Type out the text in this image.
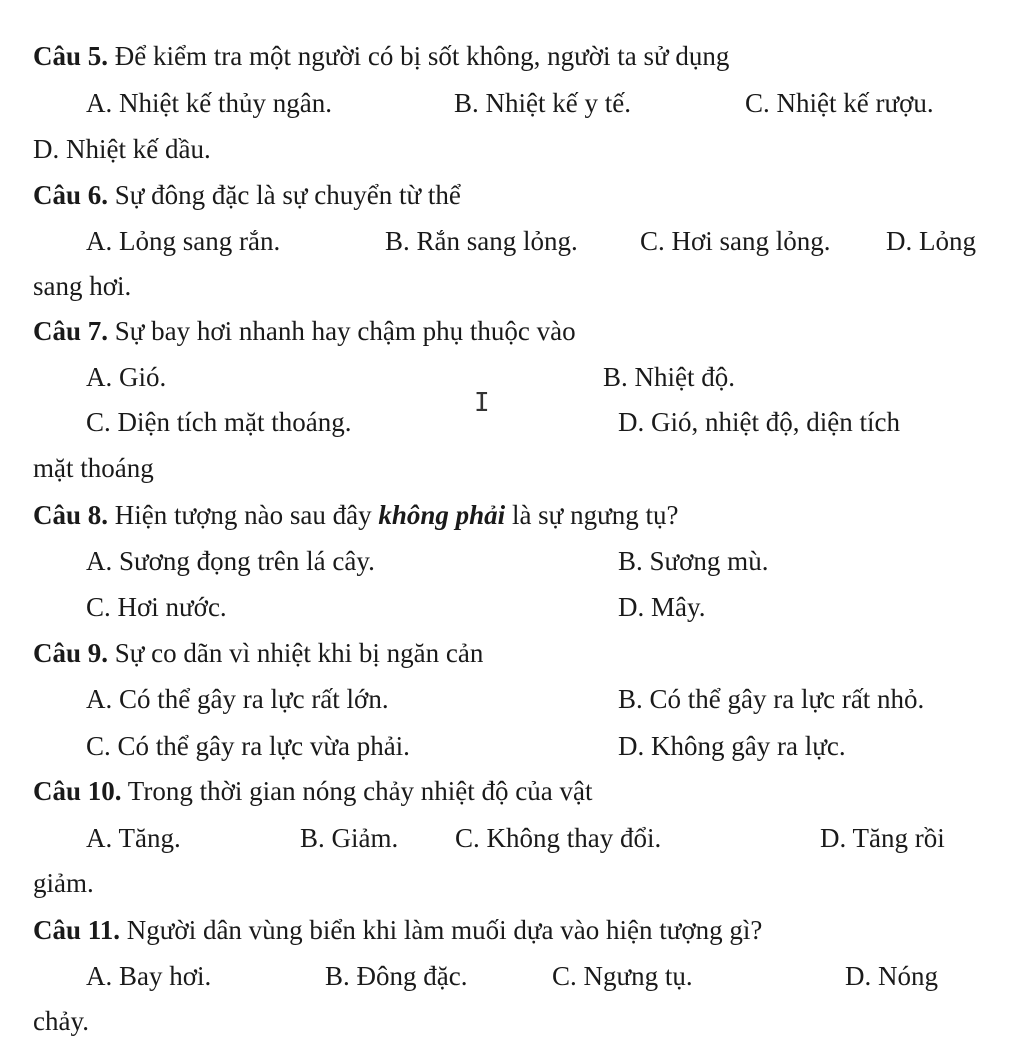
Câu 5. Để kiểm tra một người có bị sốt không, người ta sử dụng
A. Nhiệt kế thủy ngân.	B. Nhiệt kế y tế.	C. Nhiệt kế rượu.
D. Nhiệt kế dầu.
Câu 6. Sự đông đặc là sự chuyển từ thể
A. Lỏng sang rắn.	B. Rắn sang lỏng. C. Hơi sang lỏng. D. Lỏng
sang hơi.
Câu 7. Sự bay hơi nhanh hay chậm phụ thuộc vào
A. Gió.	B. Nhiệt độ.
C. Diện tích mặt thoáng.	D. Gió, nhiệt độ, diện tích
mặt thoáng
I
Câu 8. Hiện tượng nào sau đây không phải là sự ngưng tụ?
A. Sương đọng trên lá cây.	B. Sương mù.
C. Hơi nước.	D. Mây.
Câu 9. Sự co dãn vì nhiệt khi bị ngăn cản
A. Có thể gây ra lực rất lớn.	B. Có thể gây ra lực rất nhỏ.
C. Có thể gây ra lực vừa phải.	D. Không gây ra lực.
Câu 10. Trong thời gian nóng chảy nhiệt độ của vật
A. Tăng.	B. Giảm. C. Không thay đổi.	D. Tăng rồi
giảm.
Câu 11. Người dân vùng biển khi làm muối dựa vào hiện tượng gì?
A. Bay hơi.	B. Đông đặc.	C. Ngưng tụ.	D. Nóng
chảy.
